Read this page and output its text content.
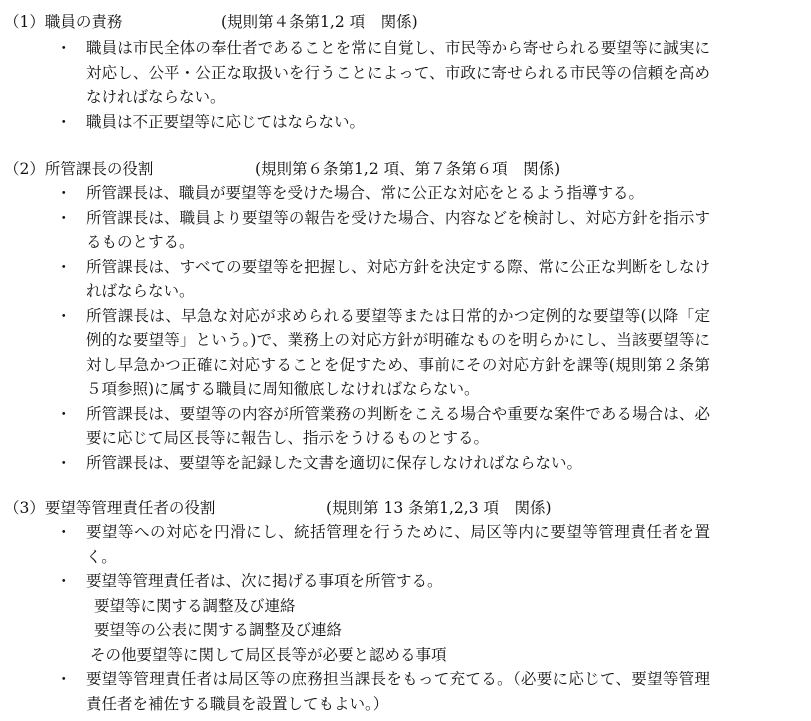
（1）職員の責務	(規則第４条第1,2 項　関係)
・ 職員は市民全体の奉仕者であることを常に自覚し、市民等から寄せられる要望等に誠実に対応し、公平・公正な取扱いを行うことによって、市政に寄せられる市民等の信頼を高めなければならない。
・ 職員は不正要望等に応じてはならない。
（2）所管課長の役割	(規則第６条第1,2 項、第７条第６項　関係)
・ 所管課長は、職員が要望等を受けた場合、常に公正な対応をとるよう指導する。
・ 所管課長は、職員より要望等の報告を受けた場合、内容などを検討し、対応方針を指示するものとする。
・ 所管課長は、すべての要望等を把握し、対応方針を決定する際、常に公正な判断をしなければならない。
・ 所管課長は、早急な対応が求められる要望等または日常的かつ定例的な要望等(以降「定例的な要望等」という。)で、業務上の対応方針が明確なものを明らかにし、当該要望等に対し早急かつ正確に対応することを促すため、事前にその対応方針を課等(規則第２条第５項参照)に属する職員に周知徹底しなければならない。
・ 所管課長は、要望等の内容が所管業務の判断をこえる場合や重要な案件である場合は、必要に応じて局区長等に報告し、指示をうけるものとする。
・ 所管課長は、要望等を記録した文書を適切に保存しなければならない。
（3）要望等管理責任者の役割	(規則第 13 条第1,2,3 項　関係)
・ 要望等への対応を円滑にし、統括管理を行うために、局区等内に要望等管理責任者を置く。
・ 要望等管理責任者は、次に掲げる事項を所管する。
要望等に関する調整及び連絡
要望等の公表に関する調整及び連絡
その他要望等に関して局区長等が必要と認める事項
・ 要望等管理責任者は局区等の庶務担当課長をもって充てる。（必要に応じて、要望等管理責任者を補佐する職員を設置してもよい。）
